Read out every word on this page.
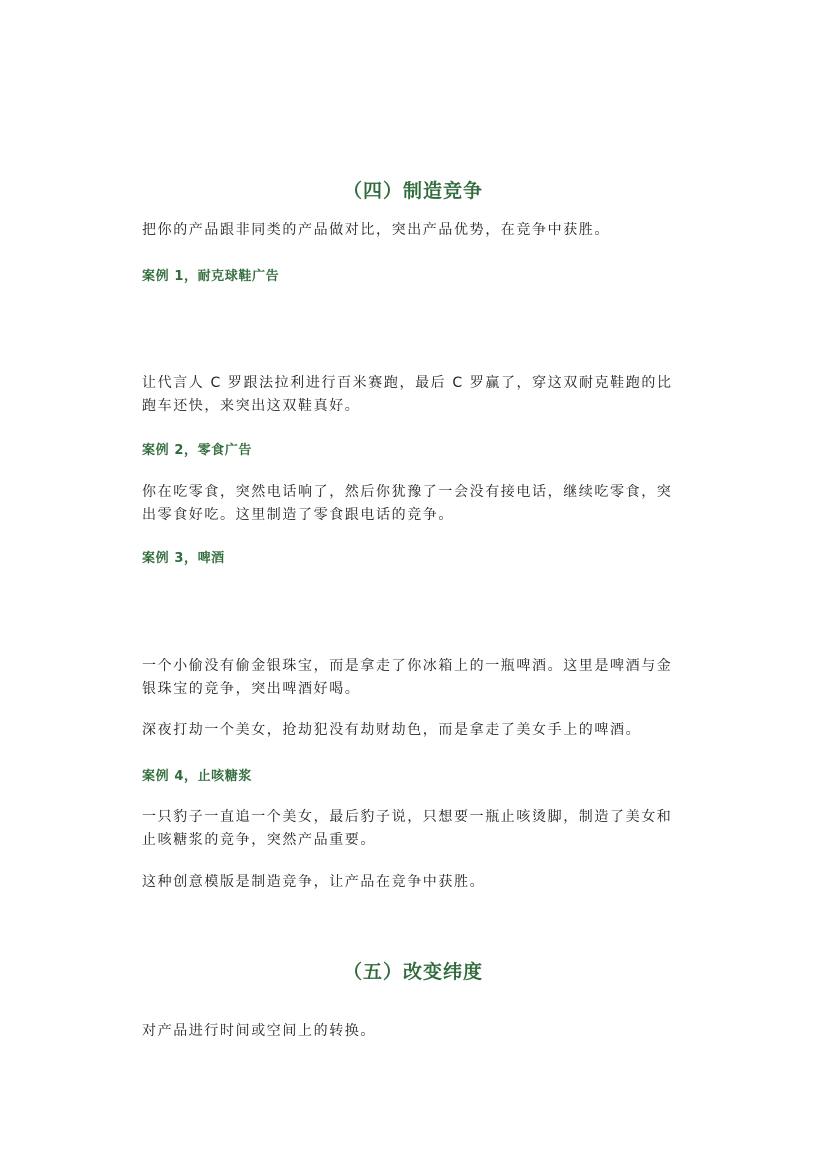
（四）制造竞争
把你的产品跟非同类的产品做对比，突出产品优势，在竞争中获胜。
案例 1，耐克球鞋广告
让代言人 C 罗跟法拉利进行百米赛跑，最后 C 罗赢了，穿这双耐克鞋跑的比跑车还快，来突出这双鞋真好。
案例 2，零食广告
你在吃零食，突然电话响了，然后你犹豫了一会没有接电话，继续吃零食，突出零食好吃。这里制造了零食跟电话的竞争。
案例 3，啤酒
一个小偷没有偷金银珠宝，而是拿走了你冰箱上的一瓶啤酒。这里是啤酒与金银珠宝的竞争，突出啤酒好喝。
深夜打劫一个美女，抢劫犯没有劫财劫色，而是拿走了美女手上的啤酒。
案例 4，止咳糖浆
一只豹子一直追一个美女，最后豹子说，只想要一瓶止咳烫脚，制造了美女和止咳糖浆的竞争，突然产品重要。
这种创意模版是制造竞争，让产品在竞争中获胜。
（五）改变纬度
对产品进行时间或空间上的转换。
